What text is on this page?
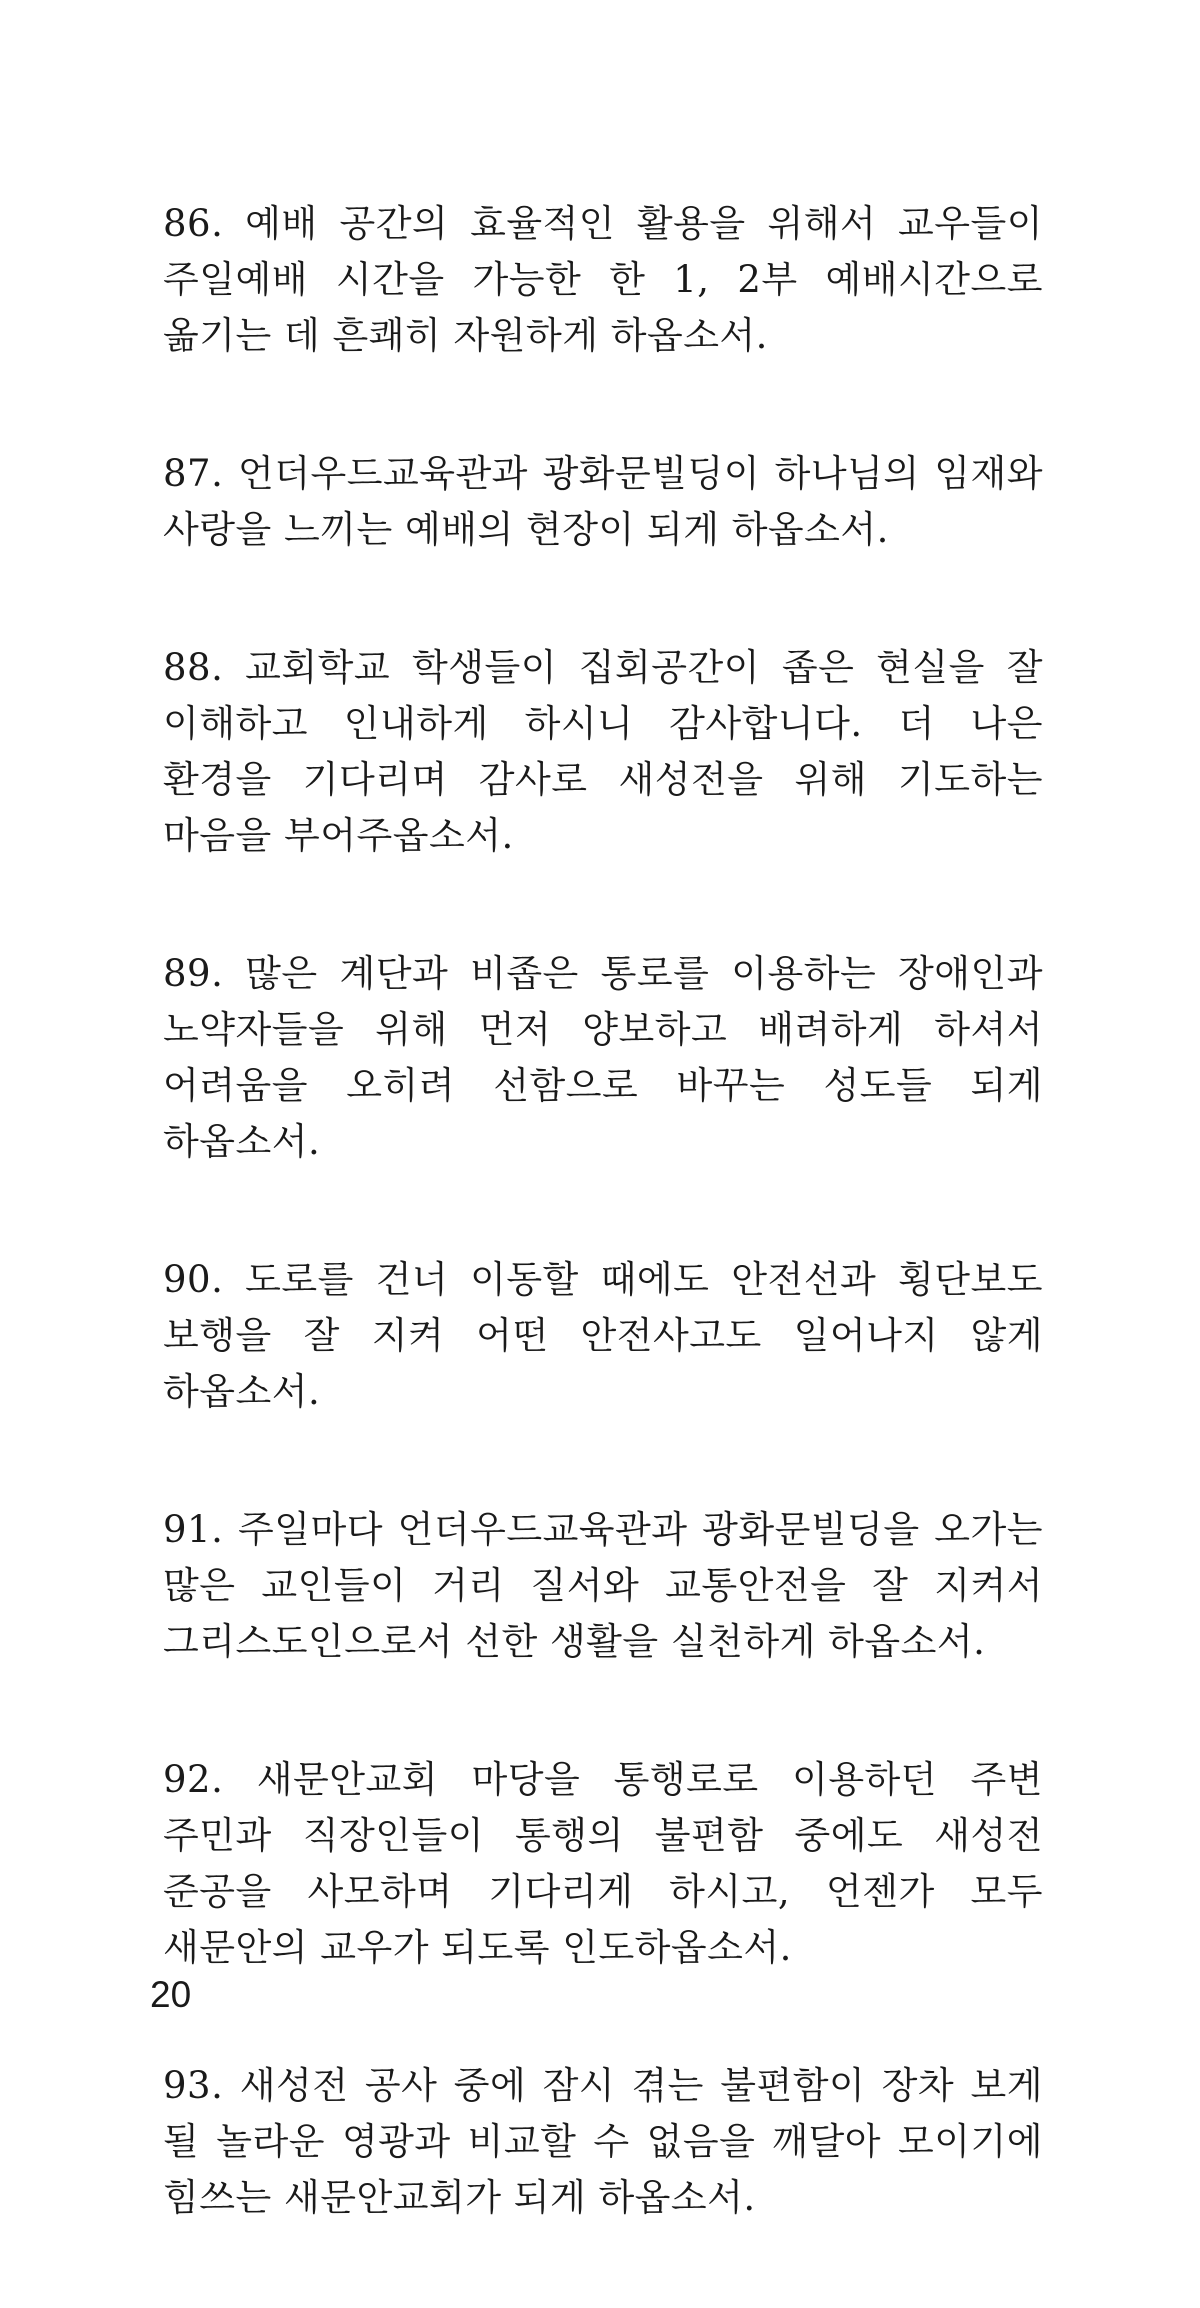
86. 예배 공간의 효율적인 활용을 위해서 교우들이 주일예배 시간을 가능한 한 1, 2부 예배시간으로 옮기는 데 흔쾌히 자원하게 하옵소서.

87. 언더우드교육관과 광화문빌딩이 하나님의 임재와 사랑을 느끼는 예배의 현장이 되게 하옵소서.

88. 교회학교 학생들이 집회공간이 좁은 현실을 잘 이해하고 인내하게 하시니 감사합니다. 더 나은 환경을 기다리며 감사로 새성전을 위해 기도하는 마음을 부어주옵소서.

89. 많은 계단과 비좁은 통로를 이용하는 장애인과 노약자들을 위해 먼저 양보하고 배려하게 하셔서 어려움을 오히려 선함으로 바꾸는 성도들 되게 하옵소서.

90. 도로를 건너 이동할 때에도 안전선과 횡단보도 보행을 잘 지켜 어떤 안전사고도 일어나지 않게 하옵소서.

91. 주일마다 언더우드교육관과 광화문빌딩을 오가는 많은 교인들이 거리 질서와 교통안전을 잘 지켜서 그리스도인으로서 선한 생활을 실천하게 하옵소서.

92. 새문안교회 마당을 통행로로 이용하던 주변 주민과 직장인들이 통행의 불편함 중에도 새성전 준공을 사모하며 기다리게 하시고, 언젠가 모두 새문안의 교우가 되도록 인도하옵소서.

93. 새성전 공사 중에 잠시 겪는 불편함이 장차 보게 될 놀라운 영광과 비교할 수 없음을 깨달아 모이기에 힘쓰는 새문안교회가 되게 하옵소서.

20
